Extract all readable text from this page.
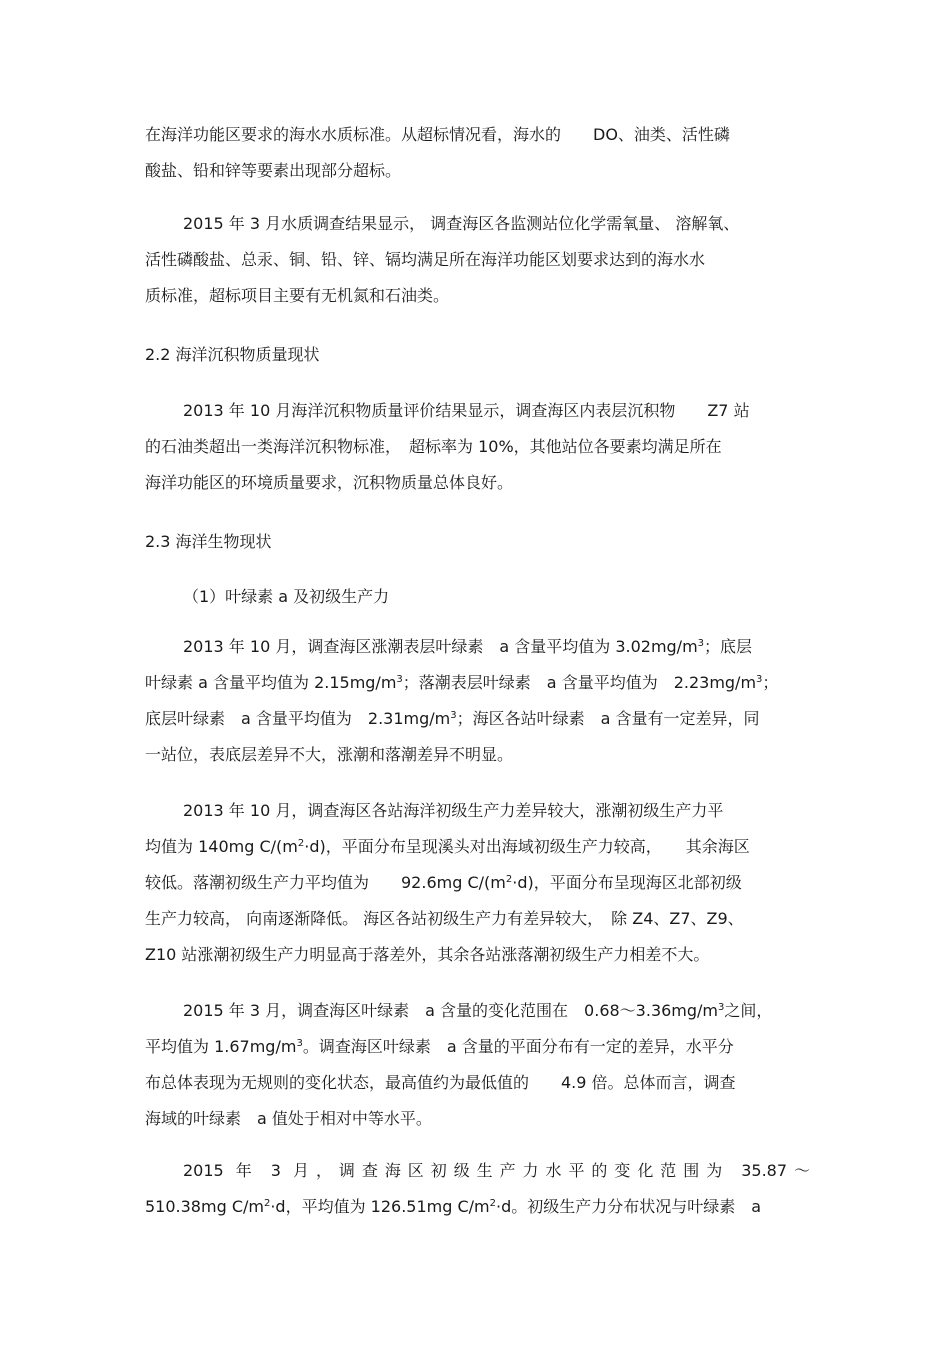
在海洋功能区要求的海水水质标准。从超标情况看，海水的　　DO、油类、活性磷
酸盐、铅和锌等要素出现部分超标。
2015 年 3 月水质调查结果显示， 调查海区各监测站位化学需氧量、 溶解氧、
活性磷酸盐、总汞、铜、铅、锌、镉均满足所在海洋功能区划要求达到的海水水
质标准，超标项目主要有无机氮和石油类。
2.2 海洋沉积物质量现状
2013 年 10 月海洋沉积物质量评价结果显示，调查海区内表层沉积物　　Z7 站
的石油类超出一类海洋沉积物标准，　超标率为 10%，其他站位各要素均满足所在
海洋功能区的环境质量要求，沉积物质量总体良好。
2.3 海洋生物现状
（1）叶绿素 a 及初级生产力
2013 年 10 月，调查海区涨潮表层叶绿素　a 含量平均值为 $3.02mg/m^3$；底层
叶绿素 a 含量平均值为 $2.15mg/m^3$；落潮表层叶绿素　a 含量平均值为　$2.23mg/m^3$；
底层叶绿素　a 含量平均值为　$2.31mg/m^3$；海区各站叶绿素　a 含量有一定差异，同
一站位，表底层差异不大，涨潮和落潮差异不明显。
2013 年 10 月，调查海区各站海洋初级生产力差异较大，涨潮初级生产力平
均值为 140mg $C/(m^2\cdot d)$，平面分布呈现溪头对出海域初级生产力较高，　　其余海区
较低。落潮初级生产力平均值为　　92.6mg $C/(m^2\cdot d)$，平面分布呈现海区北部初级
生产力较高， 向南逐渐降低。 海区各站初级生产力有差异较大，　除 Z4、Z7、Z9、
Z10 站涨潮初级生产力明显高于落差外，其余各站涨落潮初级生产力相差不大。
2015 年 3 月，调查海区叶绿素　a 含量的变化范围在　$0.68\sim 3.36mg/m^3$之间，
平均值为 $1.67mg/m^3$。调查海区叶绿素　a 含量的平面分布有一定的差异，水平分
布总体表现为无规则的变化状态，最高值约为最低值的　　4.9 倍。总体而言，调查
海域的叶绿素　a 值处于相对中等水平。
2015 年 3 月，调查海区初级生产力水平的变化范围为 35.87～
510.38mg $C/m^2\cdot d$，平均值为 126.51mg $C/m^2\cdot d$。初级生产力分布状况与叶绿素　a
